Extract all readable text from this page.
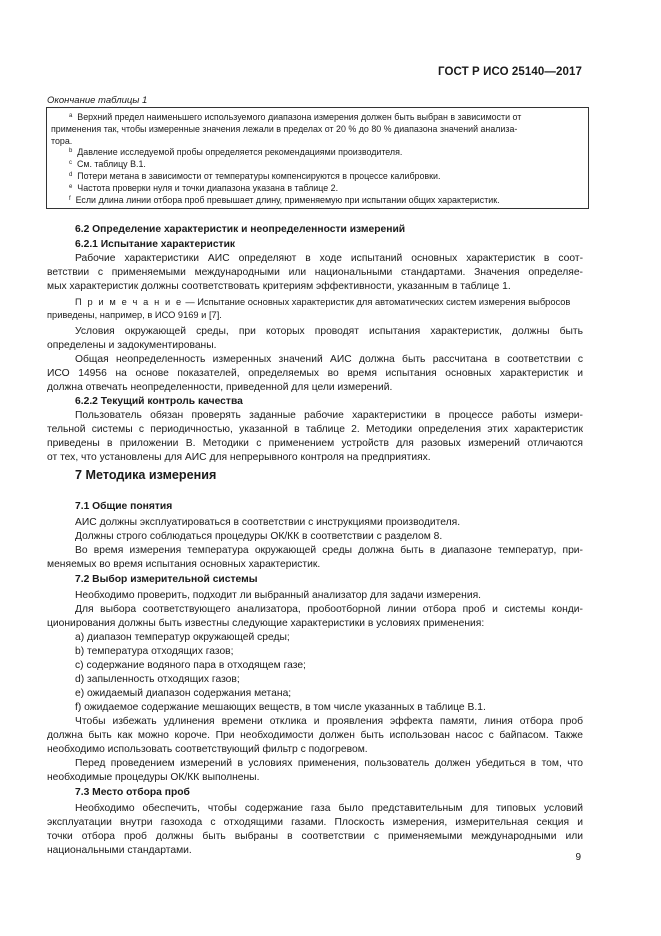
ГОСТ Р ИСО 25140—2017
Окончание таблицы 1
$^a$ Верхний предел наименьшего используемого диапазона измерения должен быть выбран в зависимости от
применения так, чтобы измеренные значения лежали в пределах от 20 % до 80 % диапазона значений анализа-
тора.
$^b$ Давление исследуемой пробы определяется рекомендациями производителя.
$^c$ См. таблицу В.1.
$^d$ Потери метана в зависимости от температуры компенсируются в процессе калибровки.
$^e$ Частота проверки нуля и точки диапазона указана в таблице 2.
$^f$ Если длина линии отбора проб превышает длину, применяемую при испытании общих характеристик.
6.2 Определение характеристик и неопределенности измерений
6.2.1 Испытание характеристик
Рабочие характеристики АИС определяют в ходе испытаний основных характеристик в соот-
ветствии с применяемыми международными или национальными стандартами. Значения определяе-
мых характеристик должны соответствовать критериям эффективности, указанным в таблице 1.
П р и м е ч а н и е — Испытание основных характеристик для автоматических систем измерения выбросов
приведены, например, в ИСО 9169 и [7].
Условия окружающей среды, при которых проводят испытания характеристик, должны быть
определены и задокументированы.
Общая неопределенность измеренных значений АИС должна быть рассчитана в соответствии с
ИСО 14956 на основе показателей, определяемых во время испытания основных характеристик и
должна отвечать неопределенности, приведенной для цели измерений.
6.2.2 Текущий контроль качества
Пользователь обязан проверять заданные рабочие характеристики в процессе работы измери-
тельной системы с периодичностью, указанной в таблице 2. Методики определения этих характеристик
приведены в приложении В. Методики с применением устройств для разовых измерений отличаются
от тех, что установлены для АИС для непрерывного контроля на предприятиях.
7 Методика измерения
7.1 Общие понятия
АИС должны эксплуатироваться в соответствии с инструкциями производителя.
Должны строго соблюдаться процедуры ОК/КК в соответствии с разделом 8.
Во время измерения температура окружающей среды должна быть в диапазоне температур, при-
меняемых во время испытания основных характеристик.
7.2 Выбор измерительной системы
Необходимо проверить, подходит ли выбранный анализатор для задачи измерения.
Для выбора соответствующего анализатора, пробоотборной линии отбора проб и системы конди-
ционирования должны быть известны следующие характеристики в условиях применения:
a) диапазон температур окружающей среды;
b) температура отходящих газов;
c) содержание водяного пара в отходящем газе;
d) запыленность отходящих газов;
e) ожидаемый диапазон содержания метана;
f) ожидаемое содержание мешающих веществ, в том числе указанных в таблице В.1.
Чтобы избежать удлинения времени отклика и проявления эффекта памяти, линия отбора проб
должна быть как можно короче. При необходимости должен быть использован насос с байпасом. Также
необходимо использовать соответствующий фильтр с подогревом.
Перед проведением измерений в условиях применения, пользователь должен убедиться в том, что
необходимые процедуры ОК/КК выполнены.
7.3 Место отбора проб
Необходимо обеспечить, чтобы содержание газа было представительным для типовых условий
эксплуатации внутри газохода с отходящими газами. Плоскость измерения, измерительная секция и
точки отбора проб должны быть выбраны в соответствии с применяемыми международными или
национальными стандартами.
9
